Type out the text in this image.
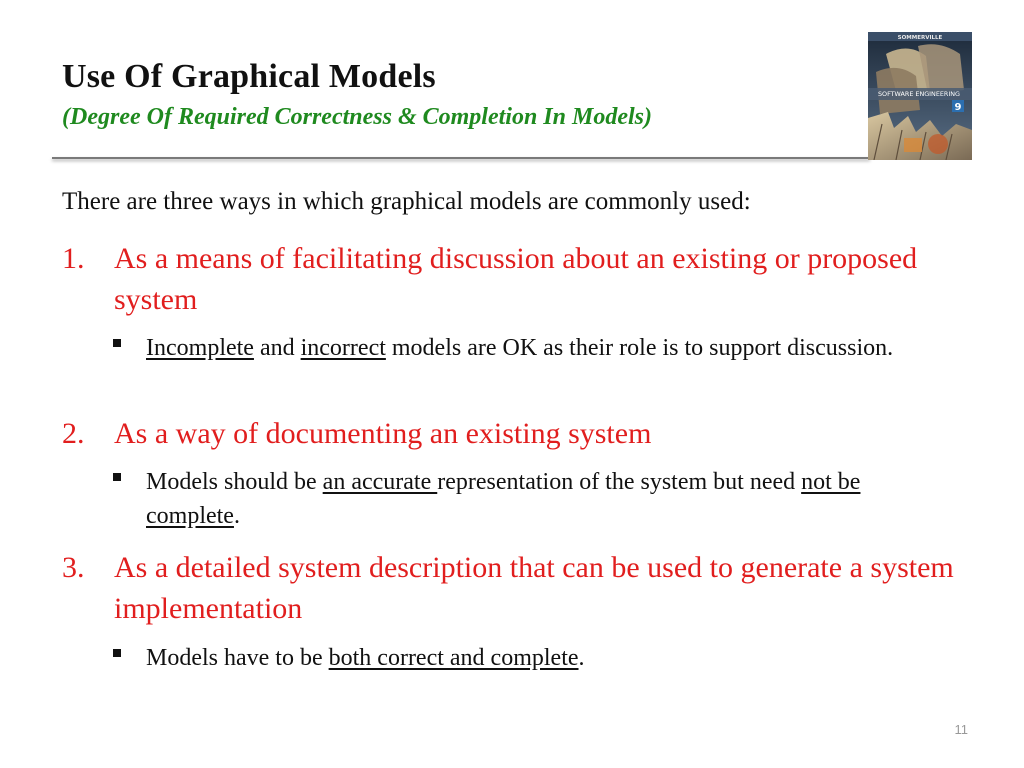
Use Of Graphical Models
(Degree Of Required Correctness & Completion In Models)
SOMMERVILLE
SOFTWARE ENGINEERING
9

There are three ways in which graphical models are commonly used:

1. As a means of facilitating discussion about an existing or proposed system
Incomplete and incorrect models are OK as their role is to support discussion.
2. As a way of documenting an existing system
Models should be an accurate representation of the system but need not be complete.
3. As a detailed system description that can be used to generate a system implementation
Models have to be both correct and complete.
11
